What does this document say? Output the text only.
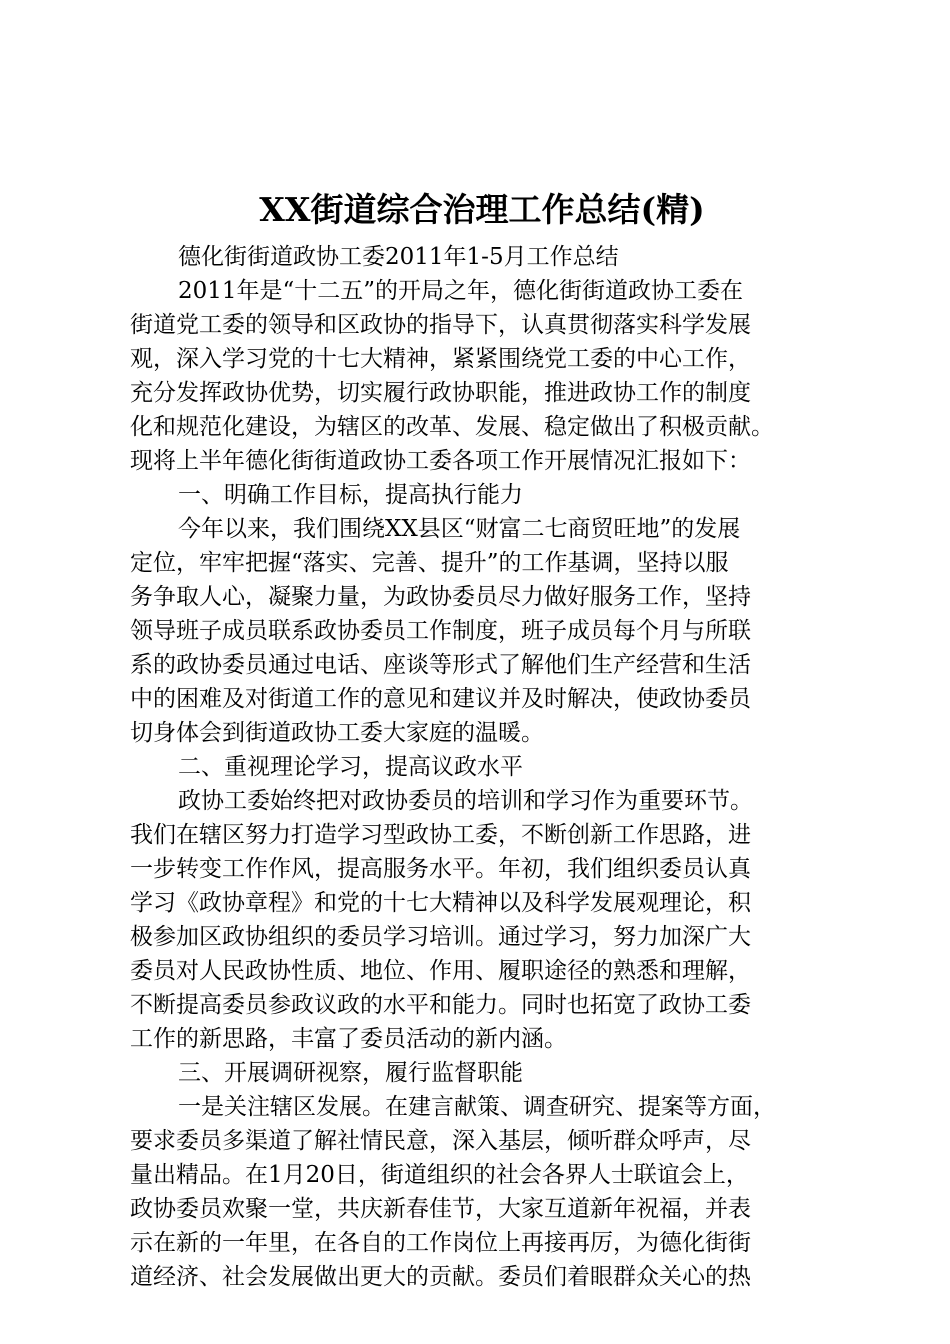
XX街道综合治理工作总结(精)
德化街街道政协工委2011年1-5月工作总结
2011年是“十二五”的开局之年，德化街街道政协工委在
街道党工委的领导和区政协的指导下，认真贯彻落实科学发展
观，深入学习党的十七大精神，紧紧围绕党工委的中心工作，
充分发挥政协优势，切实履行政协职能，推进政协工作的制度
化和规范化建设，为辖区的改革、发展、稳定做出了积极贡献。
现将上半年德化街街道政协工委各项工作开展情况汇报如下：
一、明确工作目标，提高执行能力
今年以来，我们围绕XX县区“财富二七商贸旺地”的发展
定位，牢牢把握“落实、完善、提升”的工作基调，坚持以服
务争取人心，凝聚力量，为政协委员尽力做好服务工作，坚持
领导班子成员联系政协委员工作制度，班子成员每个月与所联
系的政协委员通过电话、座谈等形式了解他们生产经营和生活
中的困难及对街道工作的意见和建议并及时解决，使政协委员
切身体会到街道政协工委大家庭的温暖。
二、重视理论学习，提高议政水平
政协工委始终把对政协委员的培训和学习作为重要环节。
我们在辖区努力打造学习型政协工委，不断创新工作思路，进
一步转变工作作风，提高服务水平。年初，我们组织委员认真
学习《政协章程》和党的十七大精神以及科学发展观理论，积
极参加区政协组织的委员学习培训。通过学习，努力加深广大
委员对人民政协性质、地位、作用、履职途径的熟悉和理解，
不断提高委员参政议政的水平和能力。同时也拓宽了政协工委
工作的新思路，丰富了委员活动的新内涵。
三、开展调研视察，履行监督职能
一是关注辖区发展。在建言献策、调查研究、提案等方面，
要求委员多渠道了解社情民意，深入基层，倾听群众呼声，尽
量出精品。在1月20日，街道组织的社会各界人士联谊会上，
政协委员欢聚一堂，共庆新春佳节，大家互道新年祝福，并表
示在新的一年里，在各自的工作岗位上再接再厉，为德化街街
道经济、社会发展做出更大的贡献。委员们着眼群众关心的热
